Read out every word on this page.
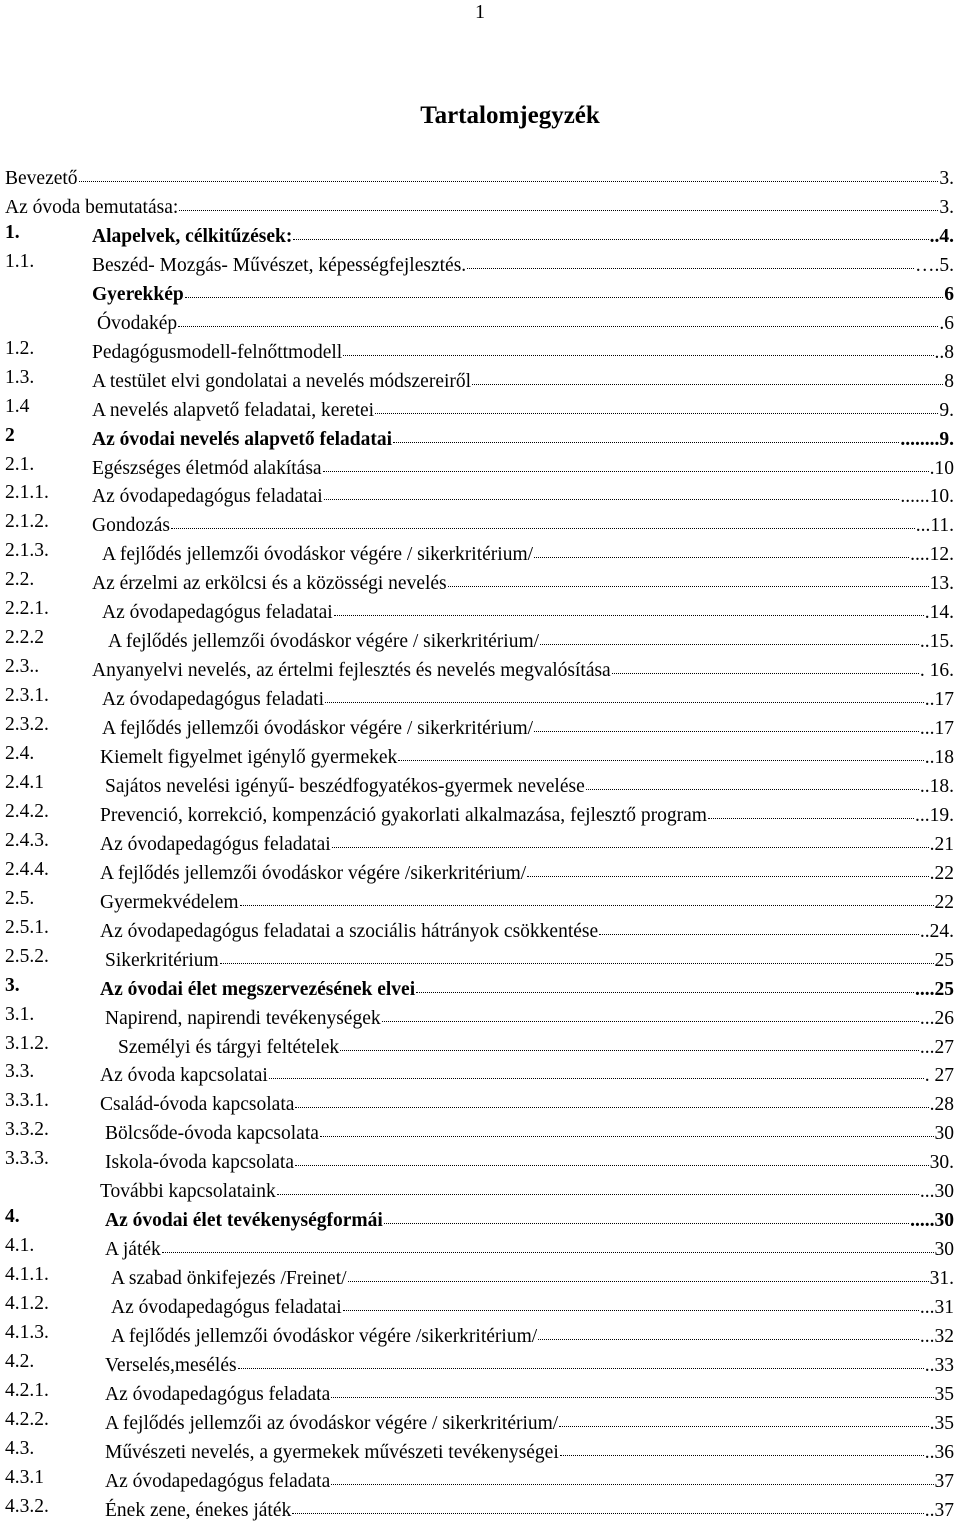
1
Tartalomjegyzék
Bevezető	3.
Az óvoda bemutatása:	3.
1.	Alapelvek, célkitűzések:	..4.
1.1.	Beszéd- Mozgás- Művészet, képességfejlesztés.	….5.
Gyerekkép	6
Óvodakép	.6
1.2.	Pedagógusmodell-felnőttmodell	..8
1.3.	A testület elvi gondolatai a nevelés módszereiről	8
1.4	A nevelés alapvető feladatai, keretei	9.
2	Az óvodai nevelés alapvető feladatai	........9.
2.1.	Egészséges életmód alakítása	.10
2.1.1. Az óvodapedagógus feladatai	......10.
2.1.2. Gondozás	...11.
2.1.3.	A fejlődés jellemzői óvodáskor végére / sikerkritérium/	....12.
2.2.	Az érzelmi az erkölcsi és a közösségi nevelés	13.
2.2.1.	Az óvodapedagógus feladatai	.14.
2.2.2	A fejlődés jellemzői óvodáskor végére / sikerkritérium/	..15.
2.3..	Anyanyelvi nevelés, az értelmi fejlesztés és nevelés megvalósítása	. 16.
2.3.1.	Az óvodapedagógus feladati	..17
2.3.2.	A fejlődés jellemzői óvodáskor végére / sikerkritérium/	...17
2.4.	Kiemelt figyelmet igénylő gyermekek	..18
2.4.1	Sajátos nevelési igényű- beszédfogyatékos-gyermek nevelése	..18.
2.4.2.	Prevenció, korrekció, kompenzáció gyakorlati alkalmazása, fejlesztő program	...19.
2.4.3.	Az óvodapedagógus feladatai	.21
2.4.4.	A fejlődés jellemzői óvodáskor végére /sikerkritérium/	.22
2.5.	Gyermekvédelem	22
2.5.1.	Az óvodapedagógus feladatai a szociális hátrányok csökkentése	..24.
2.5.2.	Sikerkritérium	25
3.	Az óvodai élet megszervezésének elvei	....25
3.1.	Napirend, napirendi tevékenységek	...26
3.1.2.	Személyi és tárgyi feltételek	...27
3.3.	Az óvoda kapcsolatai	. 27
3.3.1.	Család-óvoda kapcsolata	.28
3.3.2.	Bölcsőde-óvoda kapcsolata	30
3.3.3.	Iskola-óvoda kapcsolata	30.
További kapcsolataink	...30
4.	Az óvodai élet tevékenységformái	.....30
4.1.	A játék	30
4.1.1.	A szabad önkifejezés /Freinet/	31.
4.1.2.	Az óvodapedagógus feladatai	...31
4.1.3.	A fejlődés jellemzői óvodáskor végére /sikerkritérium/	...32
4.2.	Verselés,mesélés	..33
4.2.1.	Az óvodapedagógus feladata	35
4.2.2.	A fejlődés jellemzői az óvodáskor végére / sikerkritérium/	.35
4.3.	Művészeti nevelés, a gyermekek művészeti tevékenységei	..36
4.3.1	Az óvodapedagógus feladata	37
4.3.2.	Ének zene, énekes játék	..37
